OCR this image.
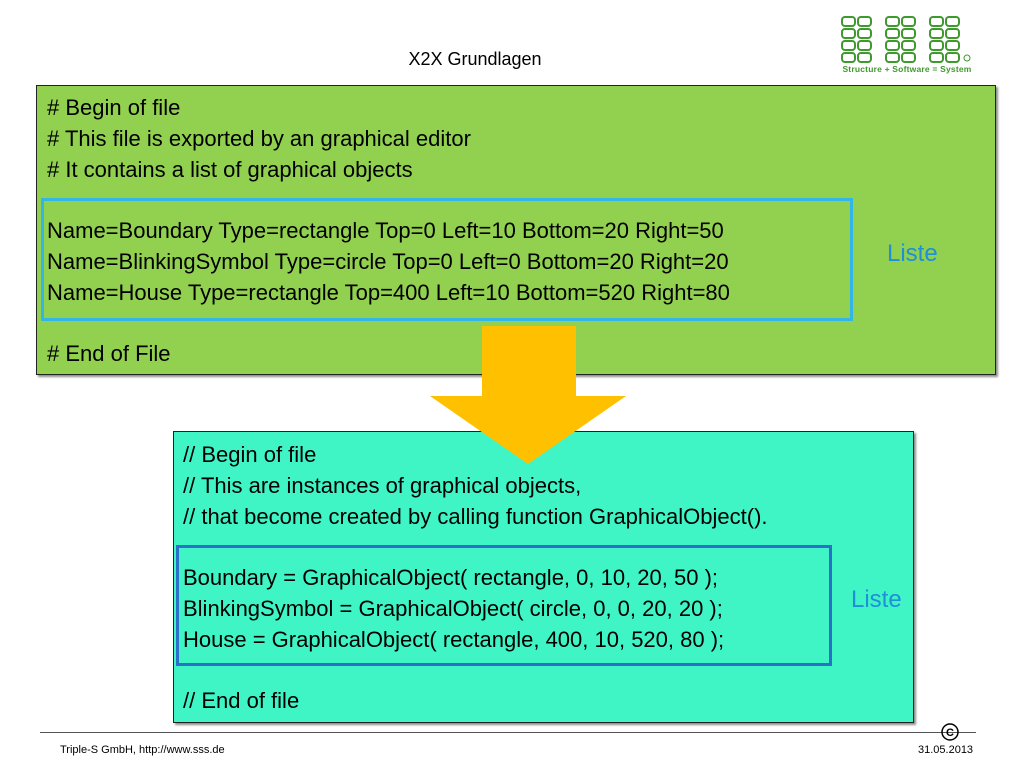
X2X Grundlagen	Structure + Software = System
# Begin of file
# This file is exported by an graphical editor
# It contains a list of graphical objects
Name=Boundary Type=rectangle Top=0 Left=10 Bottom=20 Right=50
Name=BlinkingSymbol Type=circle Top=0 Left=0 Bottom=20 Right=20
Name=House Type=rectangle Top=400 Left=10 Bottom=520 Right=80
# End of File
Liste
// Begin of file
// This are instances of graphical objects,
// that become created by calling function GraphicalObject().
Boundary = GraphicalObject( rectangle, 0, 10, 20, 50 );
BlinkingSymbol = GraphicalObject( circle, 0, 0, 20, 20 );
House = GraphicalObject( rectangle, 400, 10, 520, 80 );
// End of file
Liste
C
Triple-S GmbH, http://www.sss.de	31.05.2013
